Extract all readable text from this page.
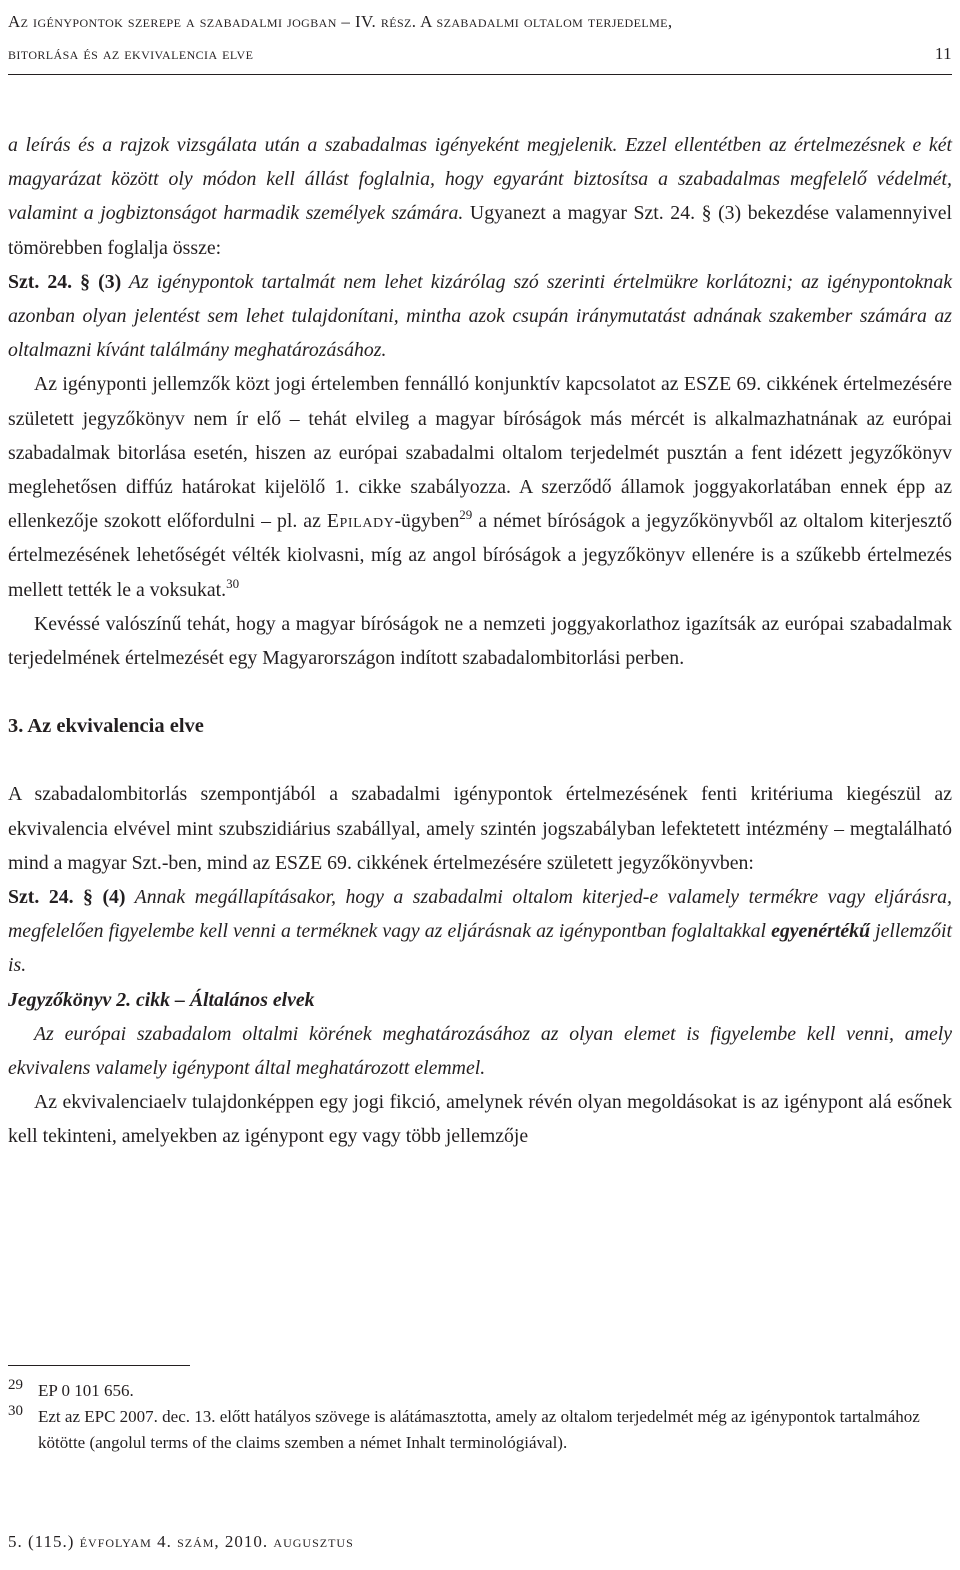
Az igénypontok szerepe a szabadalmi jogban – IV. rész. A szabadalmi oltalom terjedelme,
bitorlása és az ekvivalencia elve	11

a leírás és a rajzok vizsgálata után a szabadalmas igényeként megjelenik. Ezzel ellentétben az értelmezésnek e két magyarázat között oly módon kell állást foglalnia, hogy egyaránt biztosítsa a szabadalmas megfelelő védelmét, valamint a jogbiztonságot harmadik személyek számára. Ugyanezt a magyar Szt. 24. § (3) bekezdése valamennyivel tömörebben foglalja össze:

Szt. 24. § (3) Az igénypontok tartalmát nem lehet kizárólag szó szerinti értelmükre korlátozni; az igénypontoknak azonban olyan jelentést sem lehet tulajdonítani, mintha azok csupán iránymutatást adnának szakember számára az oltalmazni kívánt találmány meghatározásához.

Az igényponti jellemzők közt jogi értelemben fennálló konjunktív kapcsolatot az ESZE 69. cikkének értelmezésére született jegyzőkönyv nem ír elő – tehát elvileg a magyar bíróságok más mércét is alkalmazhatnának az európai szabadalmak bitorlása esetén, hiszen az európai szabadalmi oltalom terjedelmét pusztán a fent idézett jegyzőkönyv meglehetősen diffúz határokat kijelölő 1. cikke szabályozza. A szerződő államok joggyakorlatában ennek épp az ellenkezője szokott előfordulni – pl. az Epilady-ügyben$^{29}$ a német bíróságok a jegyzőkönyvből az oltalom kiterjesztő értelmezésének lehetőségét vélték kiolvasni, míg az angol bíróságok a jegyzőkönyv ellenére is a szűkebb értelmezés mellett tették le a voksukat.$^{30}$

Kevéssé valószínű tehát, hogy a magyar bíróságok ne a nemzeti joggyakorlathoz igazítsák az európai szabadalmak terjedelmének értelmezését egy Magyarországon indított szabadalombitorlási perben.

3. Az ekvivalencia elve

A szabadalombitorlás szempontjából a szabadalmi igénypontok értelmezésének fenti kritériuma kiegészül az ekvivalencia elvével mint szubszidiárius szabállyal, amely szintén jogszabályban lefektetett intézmény – megtalálható mind a magyar Szt.-ben, mind az ESZE 69. cikkének értelmezésére született jegyzőkönyvben:

Szt. 24. § (4) Annak megállapításakor, hogy a szabadalmi oltalom kiterjed-e valamely termékre vagy eljárásra, megfelelően figyelembe kell venni a terméknek vagy az eljárásnak az igénypontban foglaltakkal egyenértékű jellemzőit is.

Jegyzőkönyv 2. cikk – Általános elvek

Az európai szabadalom oltalmi körének meghatározásához az olyan elemet is figyelembe kell venni, amely ekvivalens valamely igénypont által meghatározott elemmel.

Az ekvivalenciaelv tulajdonképpen egy jogi fikció, amelynek révén olyan megoldásokat is az igénypont alá esőnek kell tekinteni, amelyekben az igénypont egy vagy több jellemzője

29 EP 0 101 656.
30 Ezt az EPC 2007. dec. 13. előtt hatályos szövege is alátámasztotta, amely az oltalom terjedelmét még az igénypontok tartalmához kötötte (angolul terms of the claims szemben a német Inhalt terminológiával).
5. (115.) évfolyam 4. szám, 2010. augusztus
